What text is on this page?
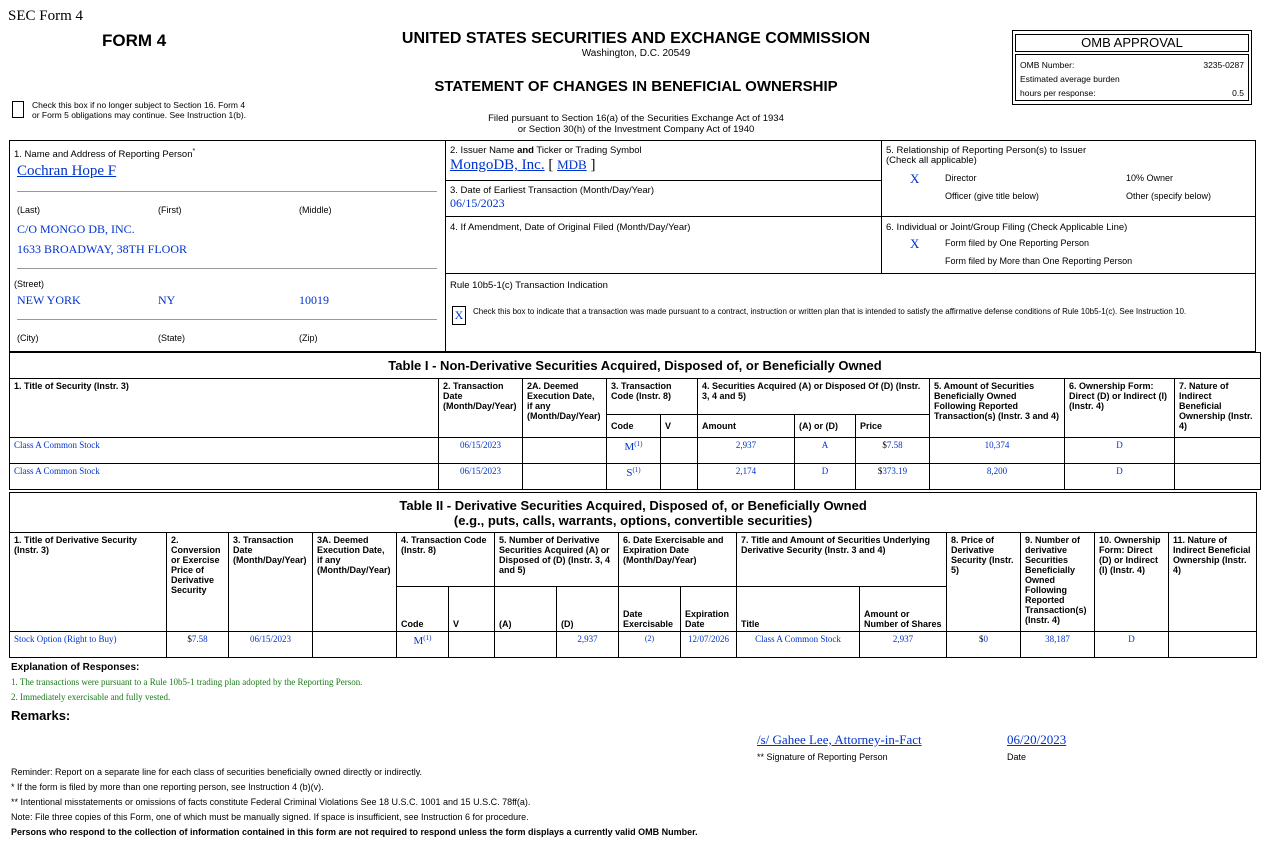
SEC Form 4
FORM 4	UNITED STATES SECURITIES AND EXCHANGE COMMISSION
Washington, D.C. 20549
STATEMENT OF CHANGES IN BENEFICIAL OWNERSHIP
Check this box if no longer subject to Section 16. Form 4
or Form 5 obligations may continue. See Instruction 1(b).	Filed pursuant to Section 16(a) of the Securities Exchange Act of 1934
or Section 30(h) of the Investment Company Act of 1940
OMB APPROVAL
OMB Number:	3235-0287
Estimated average burden
hours per response:	0.5
1. Name and Address of Reporting Person*
Cochran Hope F
(Last)	(First)	(Middle)
C/O MONGO DB, INC.
1633 BROADWAY, 38TH FLOOR
(Street)
NEW YORK	NY	10019
(City)	(State)	(Zip)
2. Issuer Name and Ticker or Trading Symbol
MongoDB, Inc. [ MDB ]
3. Date of Earliest Transaction (Month/Day/Year)
06/15/2023
4. If Amendment, Date of Original Filed (Month/Day/Year)
5. Relationship of Reporting Person(s) to Issuer
(Check all applicable)
X	Director	10% Owner
Officer (give title below)	Other (specify below)
6. Individual or Joint/Group Filing (Check Applicable Line)
X	Form filed by One Reporting Person
Form filed by More than One Reporting Person
Rule 10b5-1(c) Transaction Indication
X	Check this box to indicate that a transaction was made pursuant to a contract, instruction or written plan that is intended to satisfy the affirmative defense conditions of Rule 10b5-1(c). See Instruction 10.
Table I - Non-Derivative Securities Acquired, Disposed of, or Beneficially Owned										
1. Title of Security (Instr. 3)	2. Transaction Date (Month/Day/Year)	2A. Deemed Execution Date, if any (Month/Day/Year)	3. Transaction Code (Instr. 8)		4. Securities Acquired (A) or Disposed Of (D) (Instr. 3, 4 and 5)			5. Amount of Securities Beneficially Owned Following Reported Transaction(s) (Instr. 3 and 4)	6. Ownership Form: Direct (D) or Indirect (I) (Instr. 4)	7. Nature of Indirect Beneficial Ownership (Instr. 4)
			Code	V	Amount	(A) or (D)	Price			
Class A Common Stock	06/15/2023		$M^{(1)}$		2,937	A	$7.58	10,374	D	
Class A Common Stock	06/15/2023		$S^{(1)}$		2,174	D	$373.19	8,200	D	
Table II - Derivative Securities Acquired, Disposed of, or Beneficially Owned
(e.g., puts, calls, warrants, options, convertible securities)															

1. Title of Derivative Security (Instr. 3)	2. Conversion or Exercise Price of Derivative Security	3. Transaction Date (Month/Day/Year)	3A. Deemed Execution Date, if any (Month/Day/Year)	4. Transaction Code (Instr. 8)		5. Number of Derivative Securities Acquired (A) or Disposed of (D) (Instr. 3, 4 and 5)		6. Date Exercisable and Expiration Date (Month/Day/Year)		7. Title and Amount of Securities Underlying Derivative Security (Instr. 3 and 4)		8. Price of Derivative Security (Instr. 5)	9. Number of derivative Securities Beneficially Owned Following Reported Transaction(s) (Instr. 4)	10. Ownership Form: Direct (D) or Indirect (I) (Instr. 4)	11. Nature of Indirect Beneficial Ownership (Instr. 4)
				Code	V	(A)	(D)	Date Exercisable	Expiration Date	Title	Amount or Number of Shares				
Stock Option (Right to Buy)	$7.58	06/15/2023		$M^{(1)}$			2,937	(2)	12/07/2026	Class A Common Stock	2,937	$0	38,187	D	
Explanation of Responses:
1. The transactions were pursuant to a Rule 10b5-1 trading plan adopted by the Reporting Person.
2. Immediately exercisable and fully vested.
Remarks:
/s/ Gahee Lee, Attorney-in-Fact	06/20/2023
** Signature of Reporting Person	Date
Reminder: Report on a separate line for each class of securities beneficially owned directly or indirectly.
* If the form is filed by more than one reporting person, see Instruction 4 (b)(v).
** Intentional misstatements or omissions of facts constitute Federal Criminal Violations See 18 U.S.C. 1001 and 15 U.S.C. 78ff(a).
Note: File three copies of this Form, one of which must be manually signed. If space is insufficient, see Instruction 6 for procedure.
Persons who respond to the collection of information contained in this form are not required to respond unless the form displays a currently valid OMB Number.
